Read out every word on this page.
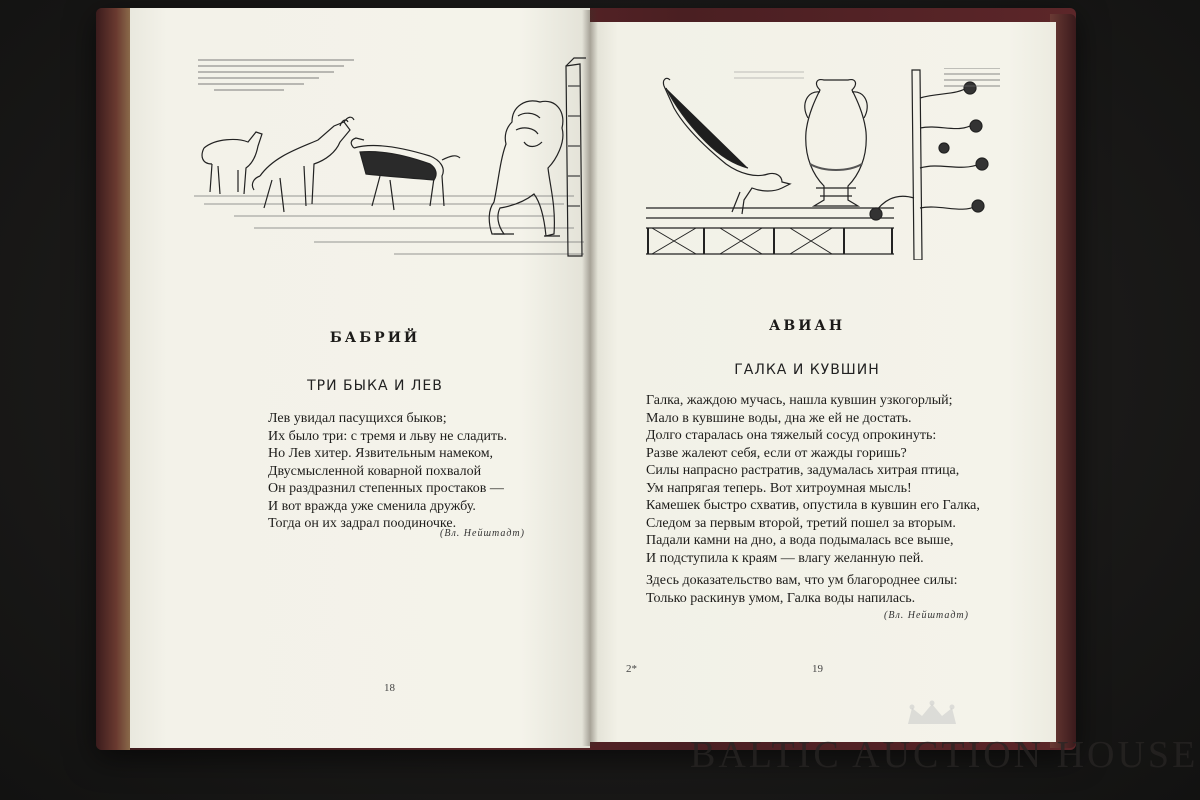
БАБРИЙ
ТРИ БЫКА И ЛЕВ
Лев увидал пасущихся быков;
Их было три: с тремя и льву не сладить.
Но Лев хитер. Язвительным намеком,
Двусмысленной коварной похвалой
Он раздразнил степенных простаков —
И вот вражда уже сменила дружбу.
Тогда он их задрал поодиночке.
(Вл. Нейштадт)
18
АВИАН
ГАЛКА И КУВШИН
Галка, жаждою мучась, нашла кувшин узкогорлый;
Мало в кувшине воды, дна же ей не достать.
Долго старалась она тяжелый сосуд опрокинуть:
Разве жалеют себя, если от жажды горишь?
Силы напрасно растратив, задумалась хитрая птица,
Ум напрягая теперь. Вот хитроумная мысль!
Камешек быстро схватив, опустила в кувшин его Галка,
Следом за первым второй, третий пошел за вторым.
Падали камни на дно, а вода подымалась все выше,
И подступила к краям — влагу желанную пей.
Здесь доказательство вам, что ум благороднее силы:
Только раскинув умом, Галка воды напилась.
(Вл. Нейштадт)
2*	19
BALTIC AUCTION HOUSE
